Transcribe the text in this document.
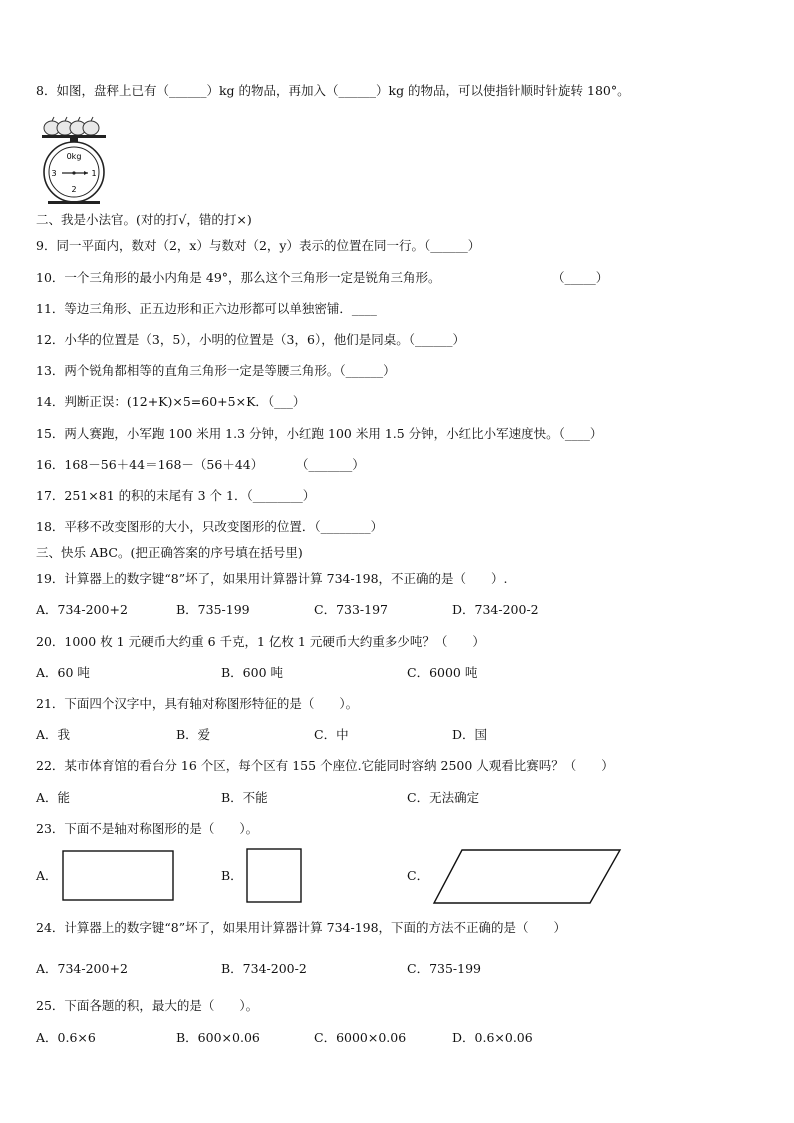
8．如图，盘秤上已有（______）kg 的物品，再加入（______）kg 的物品，可以使指针顺时针旋转 180°。
0kg
3	1
2
二、我是小法官。(对的打√，错的打×)
9．同一平面内，数对（2，x）与数对（2，y）表示的位置在同一行。（______）
10．一个三角形的最小内角是 49°，那么这个三角形一定是锐角三角形。	（_____）
11．等边三角形、正五边形和正六边形都可以单独密铺．____
12．小华的位置是（3，5），小明的位置是（3，6），他们是同桌。（______）
13．两个锐角都相等的直角三角形一定是等腰三角形。（______）
14．判断正误：(12+K)×5=60+5×K．（___）
15．两人赛跑，小军跑 100 米用 1.3 分钟，小红跑 100 米用 1.5 分钟，小红比小军速度快。（____）
16．168－56＋44＝168－（56＋44）	（_______）
17．251×81 的积的末尾有 3 个 1．（________）
18．平移不改变图形的大小，只改变图形的位置．（________）
三、快乐 ABC。(把正确答案的序号填在括号里)
19．计算器上的数字键“8”坏了，如果用计算器计算 734-198，不正确的是（　　）.
A．734-200+2	B．735-199	C．733-197	D．734-200-2
20．1000 枚 1 元硬币大约重 6 千克，1 亿枚 1 元硬币大约重多少吨？（　　）
A．60 吨	B．600 吨	C．6000 吨
21．下面四个汉字中，具有轴对称图形特征的是（　　）。
A．我	B．爱	C．中	D．国
22．某市体育馆的看台分 16 个区，每个区有 155 个座位.它能同时容纳 2500 人观看比赛吗？（　　）
A．能	B．不能	C．无法确定
23．下面不是轴对称图形的是（　　）。
A．	B．	C．
24．计算器上的数字键“8”坏了，如果用计算器计算 734-198，下面的方法不正确的是（　　）
A．734-200+2	B．734-200-2	C．735-199
25．下面各题的积，最大的是（　　）。
A．0.6×6	B．600×0.06	C．6000×0.06	D．0.6×0.06
